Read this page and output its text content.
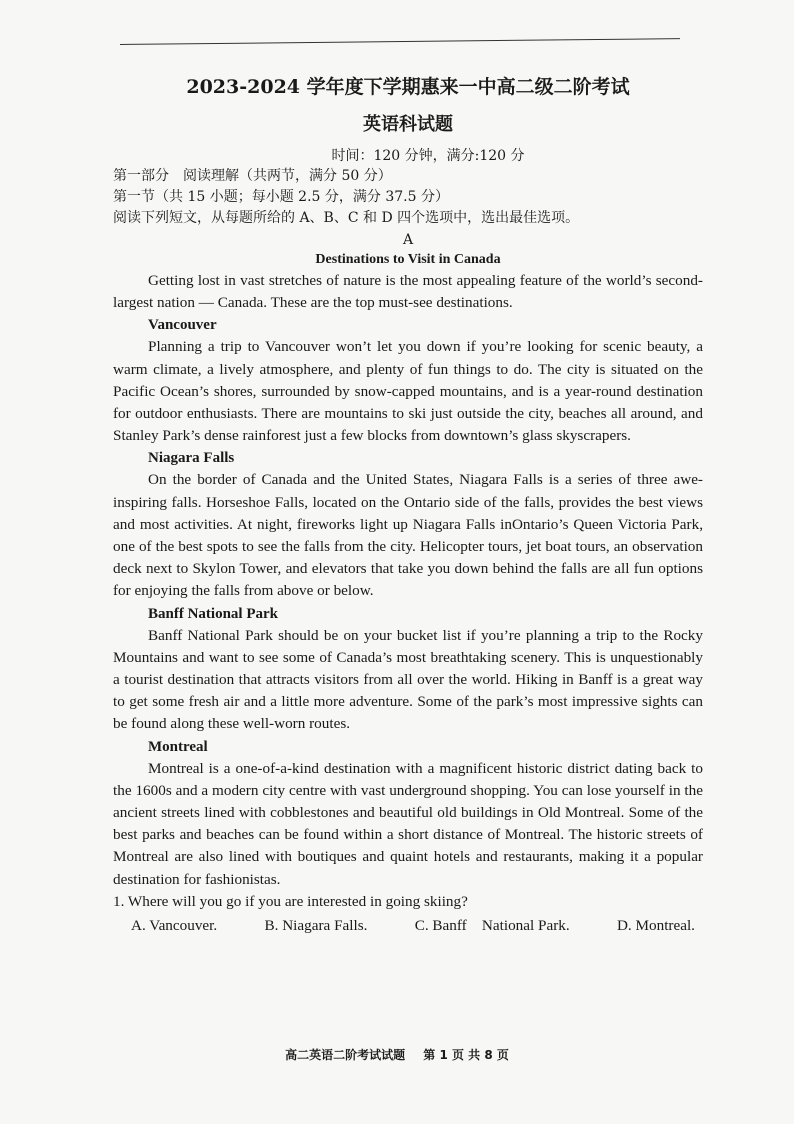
2023-2024 学年度下学期惠来一中高二级二阶考试
英语科试题
时间：120 分钟，满分:120 分

第一部分　阅读理解（共两节，满分 50 分）

第一节（共 15 小题；每小题 2.5 分，满分 37.5 分）

阅读下列短文，从每题所给的 A、B、C 和 D 四个选项中，选出最佳选项。

A
Destinations to Visit in Canada

Getting lost in vast stretches of nature is the most appealing feature of the world’s second-largest nation — Canada. These are the top must-see destinations.

Vancouver

Planning a trip to Vancouver won’t let you down if you’re looking for scenic beauty, a warm climate, a lively atmosphere, and plenty of fun things to do. The city is situated on the Pacific Ocean’s shores, surrounded by snow-capped mountains, and is a year-round destination for outdoor enthusiasts. There are mountains to ski just outside the city, beaches all around, and Stanley Park’s dense rainforest just a few blocks from downtown’s glass skyscrapers.

Niagara Falls

On the border of Canada and the United States, Niagara Falls is a series of three awe-inspiring falls. Horseshoe Falls, located on the Ontario side of the falls, provides the best views and most activities. At night, fireworks light up Niagara Falls inOntario’s Queen Victoria Park, one of the best spots to see the falls from the city. Helicopter tours, jet boat tours, an observation deck next to Skylon Tower, and elevators that take you down behind the falls are all fun options for enjoying the falls from above or below.

Banff National Park

Banff National Park should be on your bucket list if you’re planning a trip to the Rocky Mountains and want to see some of Canada’s most breathtaking scenery. This is unquestionably a tourist destination that attracts visitors from all over the world. Hiking in Banff is a great way to get some fresh air and a little more adventure. Some of the park’s most impressive sights can be found along these well-worn routes.

Montreal

Montreal is a one-of-a-kind destination with a magnificent historic district dating back to the 1600s and a modern city centre with vast underground shopping. You can lose yourself in the ancient streets lined with cobblestones and beautiful old buildings in Old Montreal. Some of the best parks and beaches can be found within a short distance of Montreal. The historic streets of Montreal are also lined with boutiques and quaint hotels and restaurants, making it a popular destination for fashionistas.

1. Where will you go if you are interested in going skiing?

A. Vancouver.	B. Niagara Falls.	C. Banff　National Park.	D. Montreal.
高二英语二阶考试试题 第 1 页 共 8 页
